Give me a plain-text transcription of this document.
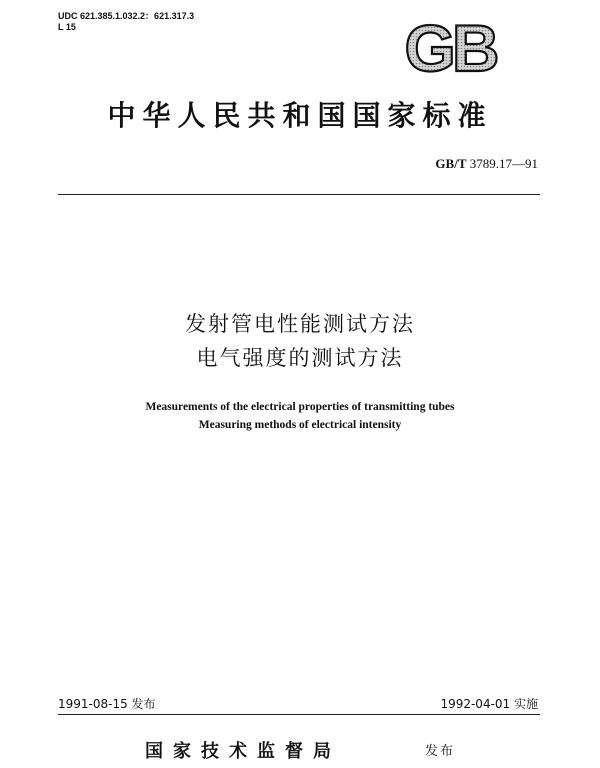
UDC 621.385.1.032.2：621.317.3
L 15	GB
中华人民共和国国家标准
GB/T 3789.17—91
发射管电性能测试方法
电气强度的测试方法
Measurements of the electrical properties of transmitting tubes
Measuring methods of electrical intensity
1991-08-15 发布	1992-04-01 实施
国家技术监督局	发布
